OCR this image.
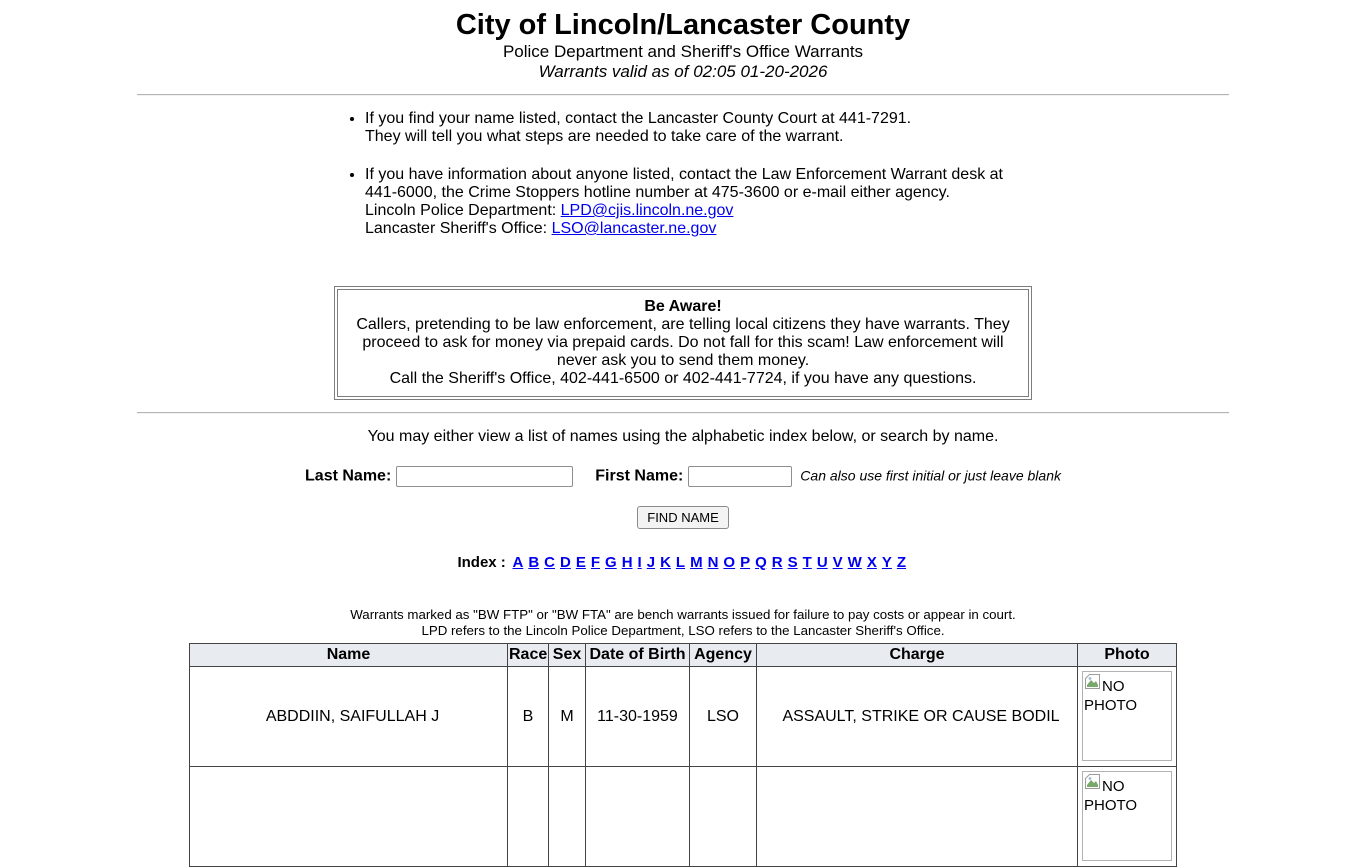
City of Lincoln/Lancaster County
Police Department and Sheriff's Office Warrants
Warrants valid as of 02:05 01-20-2026
• If you find your name listed, contact the Lancaster County Court at 441-7291.
They will tell you what steps are needed to take care of the warrant.
• If you have information about anyone listed, contact the Law Enforcement Warrant desk at
441-6000, the Crime Stoppers hotline number at 475-3600 or e-mail either agency.
Lincoln Police Department: LPD@cjis.lincoln.ne.gov
Lancaster Sheriff's Office: LSO@lancaster.ne.gov
Be Aware!
Callers, pretending to be law enforcement, are telling local citizens they have warrants. They proceed to ask for money via prepaid cards. Do not fall for this scam! Law enforcement will never ask you to send them money.
Call the Sheriff's Office, 402-441-6500 or 402-441-7724, if you have any questions.
You may either view a list of names using the alphabetic index below, or search by name.
Last Name:	First Name:	Can also use first initial or just leave blank
FIND NAME
Index : A B C D E F G H I J K L M N O P Q R S T U V W X Y Z
Warrants marked as "BW FTP" or "BW FTA" are bench warrants issued for failure to pay costs or appear in court.
LPD refers to the Lincoln Police Department, LSO refers to the Lancaster Sheriff's Office.
Name	Race	Sex	Date of Birth	Agency	Charge	Photo
ABDDIIN, SAIFULLAH J	B	M	11-30-1959	LSO	ASSAULT, STRIKE OR CAUSE BODIL	NO PHOTO

						NO PHOTO
